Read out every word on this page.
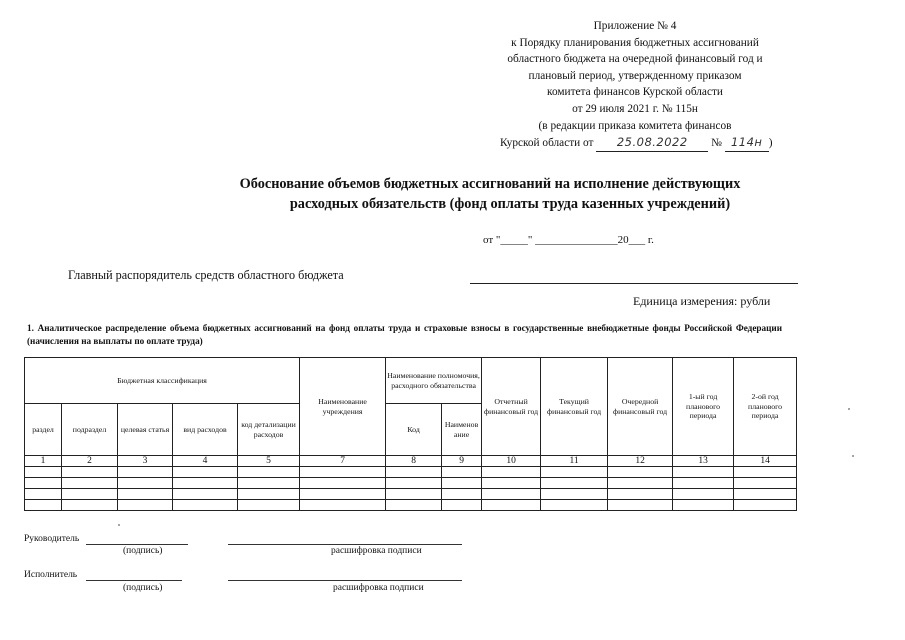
Приложение № 4
к Порядку планирования бюджетных ассигнований
областного бюджета на очередной финансовый год и
плановый период, утвержденному приказом
комитета финансов Курской области
от 29 июля 2021 г. № 115н
(в редакции приказа комитета финансов
Курской области от 25.08.2022 № 114н )
Обоснование объемов бюджетных ассигнований на исполнение действующих
расходных обязательств (фонд оплаты труда казенных учреждений)
от "_____" _______________20___ г.
Главный распорядитель средств областного бюджета
Единица измерения: рубли
1. Аналитическое распределение объема бюджетных ассигнований на фонд оплаты труда и страховые взносы в государственные внебюджетные фонды Российской Федерации (начисления на выплаты по оплате труда)
Бюджетная классификация					Наименование учреждения	Наименование полномочия, расходного обязательства		Отчетный финансовый год	Текущий финансовый год	Очередной финансовый год	1-ый год планового периода	2-ой год планового периода
раздел	подраздел	целевая статья	вид расходов	код детализации расходов		Код	Наименов ание					
1	2	3	4	5	7	8	9	10	11	12	13	14

Руководитель
(подпись)	расшифровка подписи
Исполнитель
(подпись)	расшифровка подписи
